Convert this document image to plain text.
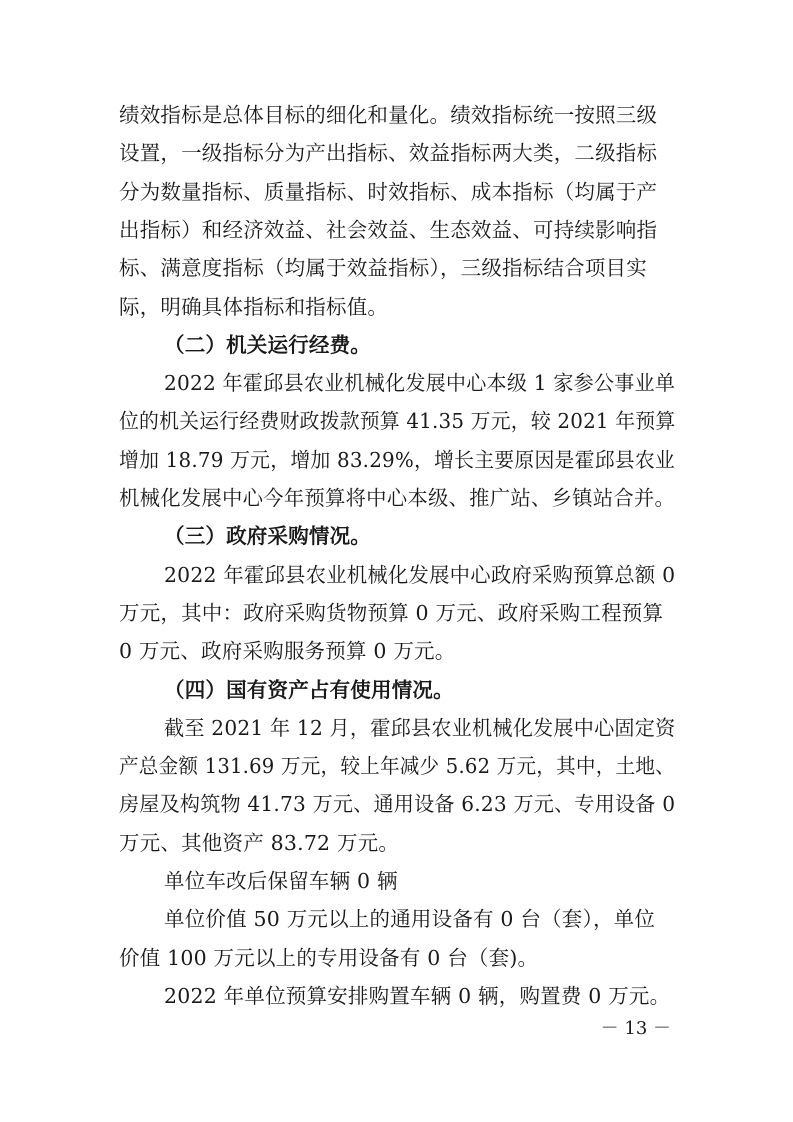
绩效指标是总体目标的细化和量化。绩效指标统一按照三级
设置，一级指标分为产出指标、效益指标两大类，二级指标
分为数量指标、质量指标、时效指标、成本指标（均属于产
出指标）和经济效益、社会效益、生态效益、可持续影响指
标、满意度指标（均属于效益指标），三级指标结合项目实
际，明确具体指标和指标值。
（二）机关运行经费。
2022 年霍邱县农业机械化发展中心本级 1 家参公事业单
位的机关运行经费财政拨款预算 41.35 万元，较 2021 年预算
增加 18.79 万元，增加 83.29%，增长主要原因是霍邱县农业
机械化发展中心今年预算将中心本级、推广站、乡镇站合并。
（三）政府采购情况。
2022 年霍邱县农业机械化发展中心政府采购预算总额 0
万元，其中：政府采购货物预算 0 万元、政府采购工程预算
0 万元、政府采购服务预算 0 万元。
（四）国有资产占有使用情况。
截至 2021 年 12 月，霍邱县农业机械化发展中心固定资
产总金额 131.69 万元，较上年减少 5.62 万元，其中，土地、
房屋及构筑物 41.73 万元、通用设备 6.23 万元、专用设备 0
万元、其他资产 83.72 万元。
单位车改后保留车辆 0 辆
单位价值 50 万元以上的通用设备有 0 台（套），单位
价值 100 万元以上的专用设备有 0 台（套)。
2022 年单位预算安排购置车辆 0 辆，购置费 0 万元。
－ 13 －
